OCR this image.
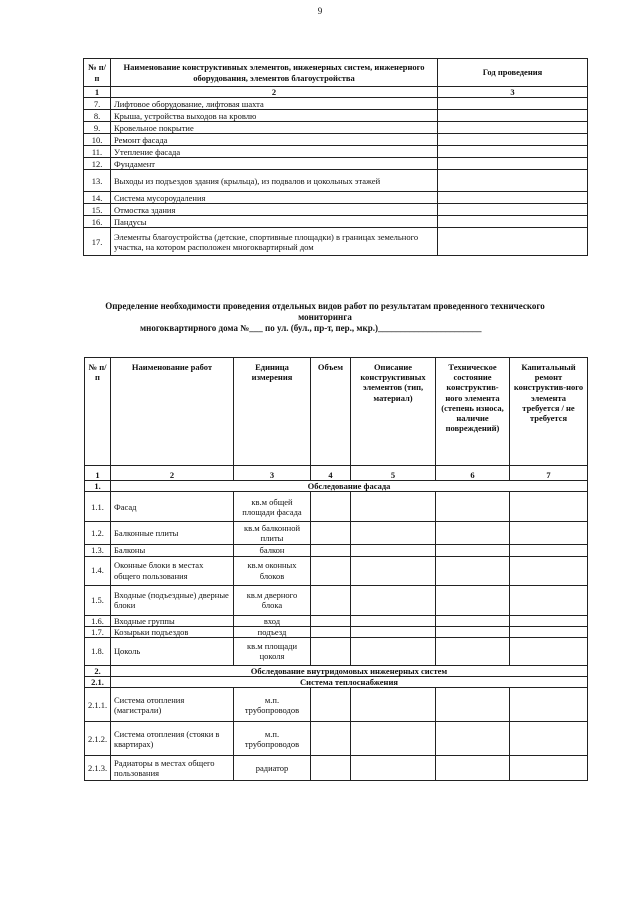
9
№ п/п	Наименование конструктивных элементов, инженерных систем, инженерного оборудования, элементов благоустройства	Год проведения
1	2	3
7.	Лифтовое оборудование, лифтовая шахта	
8.	Крыша, устройства выходов на кровлю	
9.	Кровельное покрытие	
10.	Ремонт фасада	
11.	Утепление фасада	
12.	Фундамент	
13.	Выходы из подъездов здания (крыльца), из подвалов и цокольных этажей	
14.	Система мусороудаления	
15.	Отмостка здания	
16.	Пандусы	
17.	Элементы благоустройства (детские, спортивные площадки) в границах земельного участка, на котором расположен многоквартирный дом	
Определение необходимости проведения отдельных видов работ по результатам проведенного технического
мониторинга
многоквартирного дома №___ по ул. (бул., пр-т, пер., мкр.)_______________________
№ п/п	Наименование работ	Единица измерения	Объем	Описание конструктивных элементов (тип, материал)	Техническое состояние конструктив-ного элемента (степень износа, наличие повреждений)	Капитальный ремонт конструктив-ного элемента требуется / не требуется
1	2	3	4	5	6	7
1.	Обследование фасада					
1.1.	Фасад	кв.м общей площади фасада				
1.2.	Балконные плиты	кв.м балконной плиты				
1.3.	Балконы	балкон				
1.4.	Оконные блоки в местах общего пользования	кв.м оконных блоков				
1.5.	Входные (подъездные) дверные блоки	кв.м дверного блока				
1.6.	Входные группы	вход				
1.7.	Козырьки подъездов	подъезд				
1.8.	Цоколь	кв.м площади цоколя				
2.	Обследование внутридомовых инженерных систем					
2.1.	Система теплоснабжения					
2.1.1.	Система отопления (магистрали)	м.п. трубопроводов				
2.1.2.	Система отопления (стояки в квартирах)	м.п. трубопроводов				
2.1.3.	Радиаторы в местах общего пользования	радиатор				
